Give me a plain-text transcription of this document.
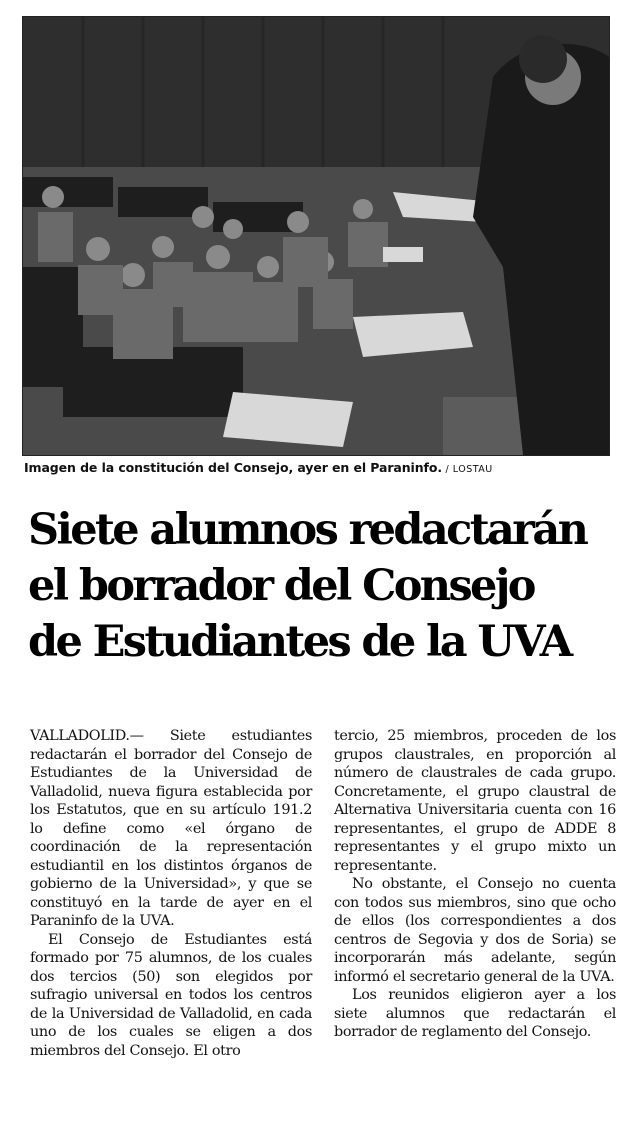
Imagen de la constitución del Consejo, ayer en el Paraninfo. / LOSTAU
Siete alumnos redactarán
el borrador del Consejo
de Estudiantes de la UVA

VALLADOLID.— Siete estudiantes redactarán el borrador del Consejo de Estudiantes de la Universidad de Valladolid, nueva figura establecida por los Estatutos, que en su artículo 191.2 lo define como «el órgano de coordinación de la representación estudiantil en los distintos órganos de gobierno de la Universidad», y que se constituyó en la tarde de ayer en el Paraninfo de la UVA.

El Consejo de Estudiantes está formado por 75 alumnos, de los cuales dos tercios (50) son elegidos por sufragio universal en todos los centros de la Universidad de Valladolid, en cada uno de los cuales se eligen a dos miembros del Consejo. El otro

tercio, 25 miembros, proceden de los grupos claustrales, en proporción al número de claustrales de cada grupo. Concretamente, el grupo claustral de Alternativa Universitaria cuenta con 16 representantes, el grupo de ADDE 8 representantes y el grupo mixto un representante.

No obstante, el Consejo no cuenta con todos sus miembros, sino que ocho de ellos (los correspondientes a dos centros de Segovia y dos de Soria) se incorporarán más adelante, según informó el secretario general de la UVA.

Los reunidos eligieron ayer a los siete alumnos que redactarán el borrador de reglamento del Consejo.
